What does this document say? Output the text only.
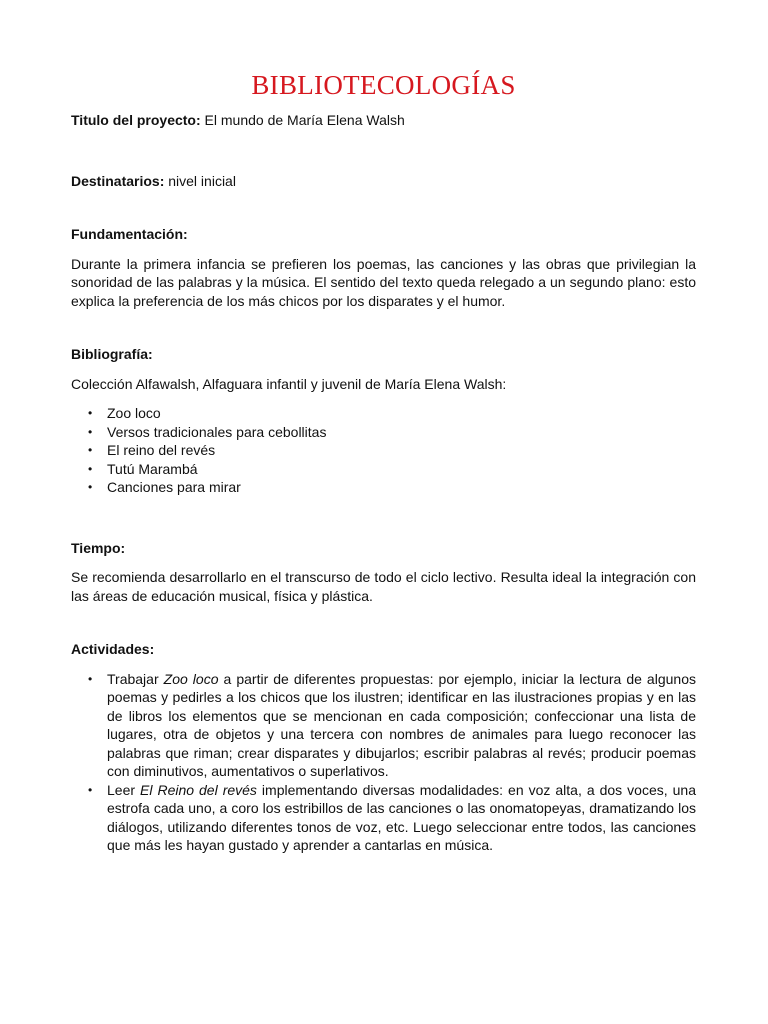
BIBLIOTECOLOGÍAS

Titulo del proyecto: El mundo de María Elena Walsh

Destinatarios: nivel inicial

Fundamentación:

Durante la primera infancia se prefieren los poemas, las canciones y las obras que privilegian la sonoridad de las palabras y la música. El sentido del texto queda relegado a un segundo plano: esto explica la preferencia de los más chicos por los disparates y el humor.

Bibliografía:

Colección Alfawalsh, Alfaguara infantil y juvenil de María Elena Walsh:

• Zoo loco
• Versos tradicionales para cebollitas
• El reino del revés
• Tutú Marambá
• Canciones para mirar

Tiempo:

Se recomienda desarrollarlo en el transcurso de todo el ciclo lectivo. Resulta ideal la integración con las áreas de educación musical, física y plástica.

Actividades:

• Trabajar Zoo loco a partir de diferentes propuestas: por ejemplo, iniciar la lectura de algunos poemas y pedirles a los chicos que los ilustren; identificar en las ilustraciones propias y en las de libros los elementos que se mencionan en cada composición; confeccionar una lista de lugares, otra de objetos y una tercera con nombres de animales para luego reconocer las palabras que riman; crear disparates y dibujarlos; escribir palabras al revés; producir poemas con diminutivos, aumentativos o superlativos.
• Leer El Reino del revés implementando diversas modalidades: en voz alta, a dos voces, una estrofa cada uno, a coro los estribillos de las canciones o las onomatopeyas, dramatizando los diálogos, utilizando diferentes tonos de voz, etc. Luego seleccionar entre todos, las canciones que más les hayan gustado y aprender a cantarlas en música.
